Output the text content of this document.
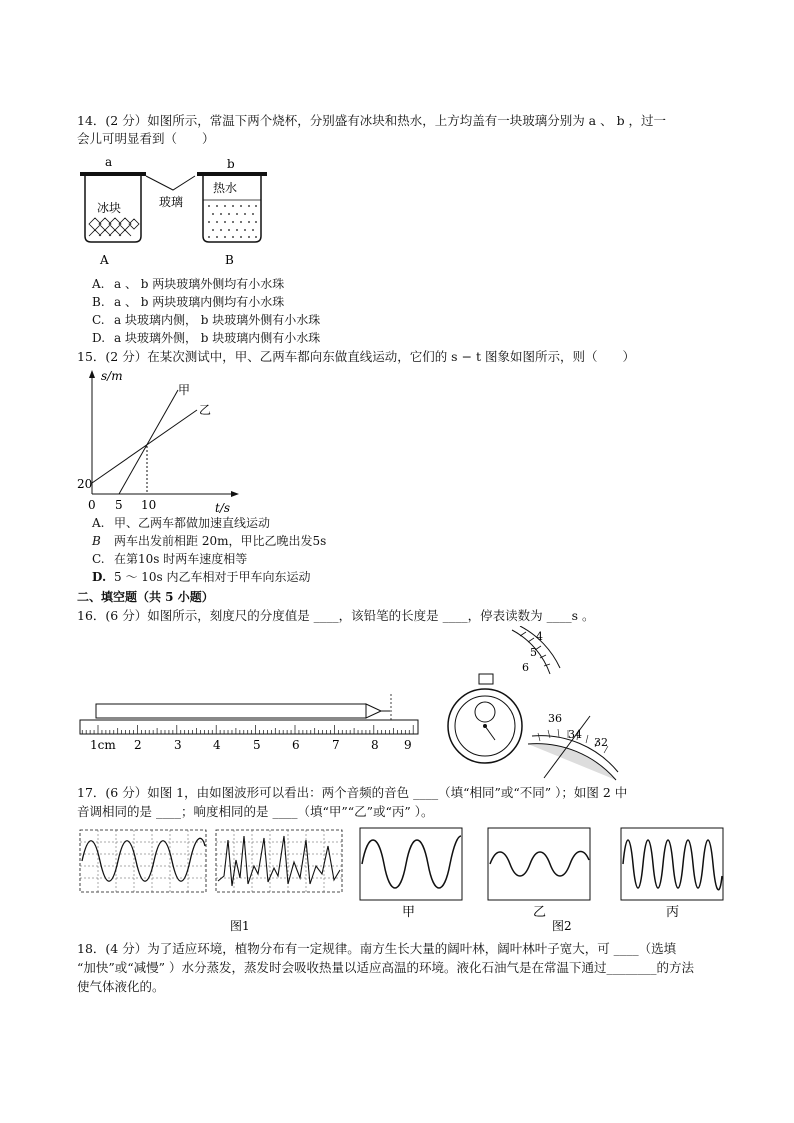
14．(2 分）如图所示，常温下两个烧杯，分别盛有冰块和热水，上方均盖有一块玻璃分别为 a 、 b ，过一
会儿可明显看到（　　）
a	b
玻璃
冰块
热水
A	B
A. a 、 b 两块玻璃外侧均有小水珠
B. a 、 b 两块玻璃内侧均有小水珠
C. a 块玻璃内侧， b 块玻璃外侧有小水珠
D. a 块玻璃外侧， b 块玻璃内侧有小水珠
15．(2 分）在某次测试中，甲、乙两车都向东做直线运动，它们的 s − t 图象如图所示，则（　　）
s/m
t/s
20
0 5 10
甲
乙
A. 甲、乙两车都做加速直线运动
B 两车出发前相距 20m，甲比乙晚出发5s
C. 在第10s 时两车速度相等
D. 5 ～ 10s 内乙车相对于甲车向东运动
二、填空题（共 5 小题）
16．(6 分）如图所示，刻度尺的分度值是 ____，该铅笔的长度是 ____，停表读数为 ____s 。
1cm 2	3	4	5	6	7	8 9
4
5
6
36
34
32
17．(6 分）如图 1，由如图波形可以看出：两个音频的音色 ____（填“相同”或“不同” ）；如图 2 中
音调相同的是 ____；响度相同的是 ____（填“甲”“乙”或“丙” ）。
图1
甲	乙	丙
图2
18．(4 分）为了适应环境，植物分布有一定规律。南方生长大量的阔叶林，阔叶林叶子宽大，可 ____（选填
“加快”或“减慢” ）水分蒸发，蒸发时会吸收热量以适应高温的环境。液化石油气是在常温下通过________的方法
使气体液化的。
